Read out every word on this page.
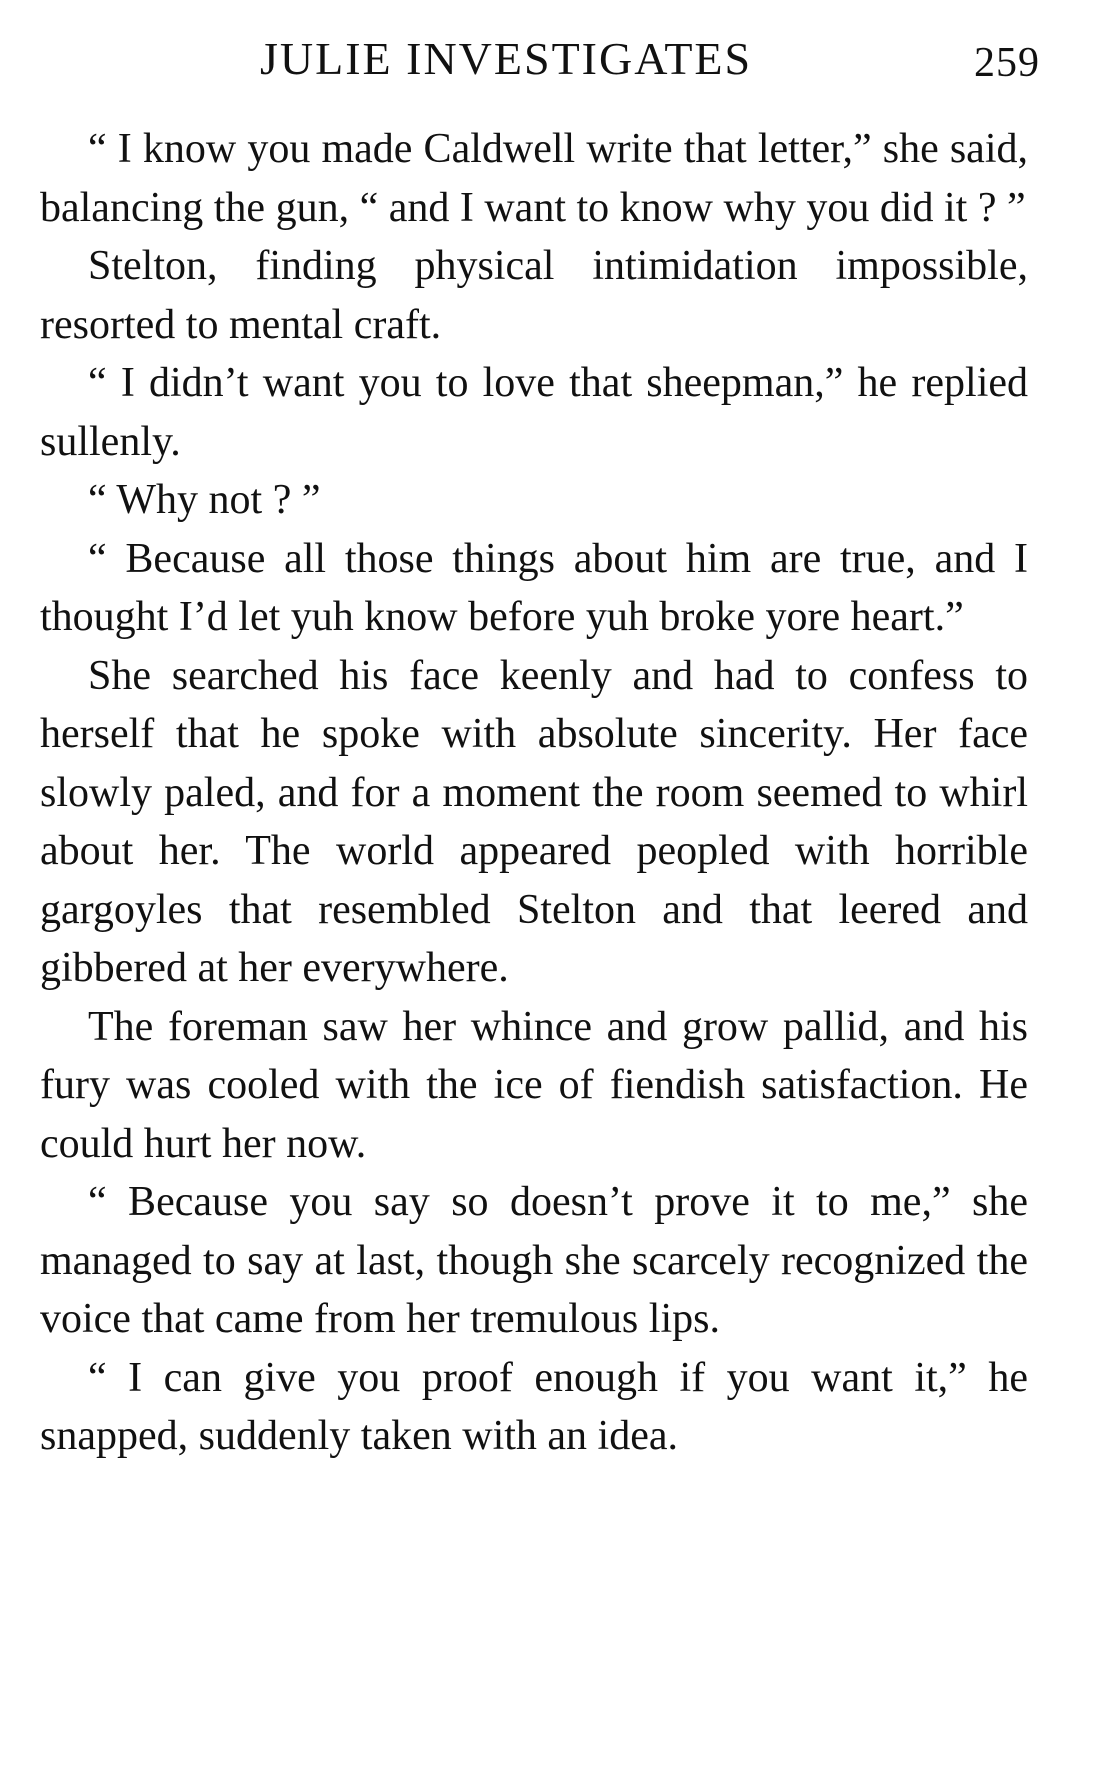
JULIE INVESTIGATES	259

“ I know you made Caldwell write that letter,” she said, balancing the gun, “ and I want to know why you did it ? ”

Stelton, finding physical intimidation impossible, resorted to mental craft.

“ I didn’t want you to love that sheepman,” he replied sullenly.

“ Why not ? ”

“ Because all those things about him are true, and I thought I’d let yuh know before yuh broke yore heart.”

She searched his face keenly and had to confess to herself that he spoke with absolute sincerity. Her face slowly paled, and for a moment the room seemed to whirl about her. The world appeared peopled with horrible gargoyles that resembled Stelton and that leered and gibbered at her everywhere.

The foreman saw her whince and grow pallid, and his fury was cooled with the ice of fiendish satisfaction. He could hurt her now.

“ Because you say so doesn’t prove it to me,” she managed to say at last, though she scarcely recognized the voice that came from her tremulous lips.

“ I can give you proof enough if you want it,” he snapped, suddenly taken with an idea.
